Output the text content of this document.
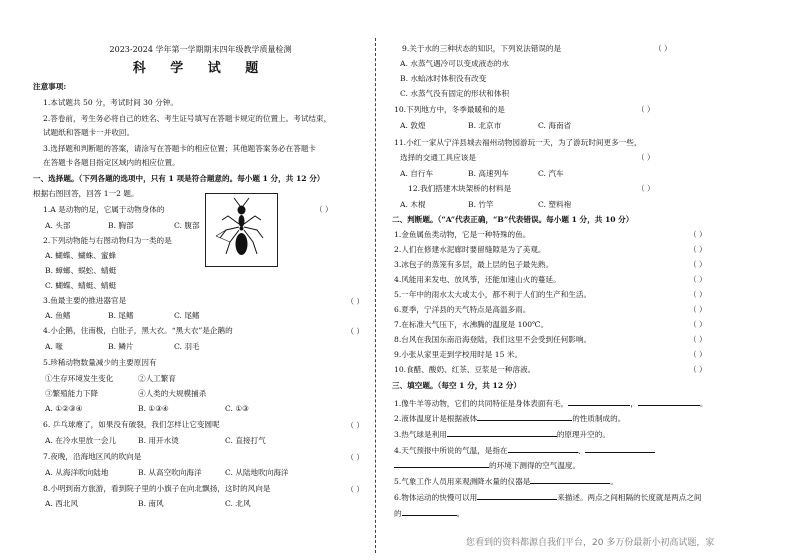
2023-2024 学年第一学期期末四年级教学质量检测
科 学 试 题
注意事项:
1.本试题共 50 分，考试时间 30 分钟。
2.答卷前，考生务必将自己的姓名、考生证号填写在答题卡规定的位置上。考试结束，
试题纸和答题卡一并收回。
3.选择题和判断题的答案，请涂写在答题卡的相应位置；其他题答案务必在答题卡
在答题卡各题目指定区域内的相应位置。
一、选择题。（下列各题的选项中，只有 1 项是符合题意的。每小题 1 分，共 12 分）
根据右图回答，回答 1一2 题。
1.A 是动物的足，它属于动物身体的	（ ）
A. 头部	B. 胸部	C. 腹部
2.下列动物能与右图动物归为一类的是
A. 蝴蝶、蝴蛛、蜜蜂
B. 蟑螂、蜈蚣、蜻蜓
C. 蝴蝶、蜻蜓、蜻蜓
3.鱼最主要的推进器官是	（ ）
A. 鱼鳍	B. 尾鳍	C. 尾鳍
4.小企鹅，住南极，白肚子，黑大衣。“黑大衣”是企鹅的	（ ）
A. 喙	B. 鳞片	C. 羽毛
5.珍稀动物数量减少的主要原因有
①生存环境发生变化	②人工繁育
③繁殖能力下降	④人类的大规模捕杀
A. ①②③④	B. ①③④	C. ①③
6. 乒乓球瘪了，如果没有破裂，我们怎样让它变圆呢	（ ）
A. 在冷水里放一会儿	B. 用开水烫	C. 直接打气
7.夜晚，沿海地区风的吹向是	（ ）
A. 从海洋吹向陆地	B. 从高空吹向海洋	C. 从陆地吹向海洋
8.小明到南方旅游，看到院子里的小旗子在向北飘扬，这时的风向是	（ ）
A. 西北风	B. 南风	C. 北风
9.关于水的三种状态的知识，下列说法错误的是	（ ）
A. 水蒸气遇冷可以变成液态的水
B. 水蛤冰时体积没有改变
C. 水蒸气没有固定的形状和体积
10.下列地方中，冬季最暖和的是	（ ）
A. 敦煌	B. 北京市	C. 海南省
11.小红一家从宁洋县城去福州动物园游玩一天，为了游玩时间更多一些，
选择的交通工具应该是	（ ）
A. 自行车	B. 高速列车	C. 汽车
12.我们搭建木块架桥的材料是	（ ）
A. 木棍	B. 竹竿	C. 塑料袍
二、判断题。（“A”代表正确，“B”代表错误。每小题 1 分，共 10 分）
1.金鱼属鱼类动物，它是一种特殊的鱼。	（ ）
2.人们在修建水泥廊时要留缝隙是为了美观。	（ ）
3.冰包子的蒸笼有多层，最上层的包子最先熟。	（ ）
4.风能用来发电、放风筝，还能加速山火的蔓延。	（ ）
5.一年中的雨水太大或太小，都不利于人们的生产和生活。	（ ）
6.夏季，宁洋县的天气特点是高温多雨。	（ ）
7.在标准大气压下，水沸腾的温度是 100℃。	（ ）
8.台风在我国东南沿海登陆，我们这里不会受到任何影响。	（ ）
9.小张从家里走到学校用时是 15 米。	（ ）
10.食醋、酸奶、红茶、豆浆是一种溶液。	（ ）
三、填空题。（每空 1 分，共 12 分）
1.像牛羊等动物，它们的共同特征是身体表面有毛，	，	。
2.液体温度计是根据液体	的性质制成的。
3.热气球是利用	的原理升空的。
4.天气预报中所说的气温，是指在	、
的环境下测得的空气温度。
5.气象工作人员用来观测降水量的仪器是	。
6.物体运动的快慢可以用	来描述。两点之间相隔的长度就是两点之间
的	。
您看到的资料都源自我们平台，20 多万份最新小初高试题，家
